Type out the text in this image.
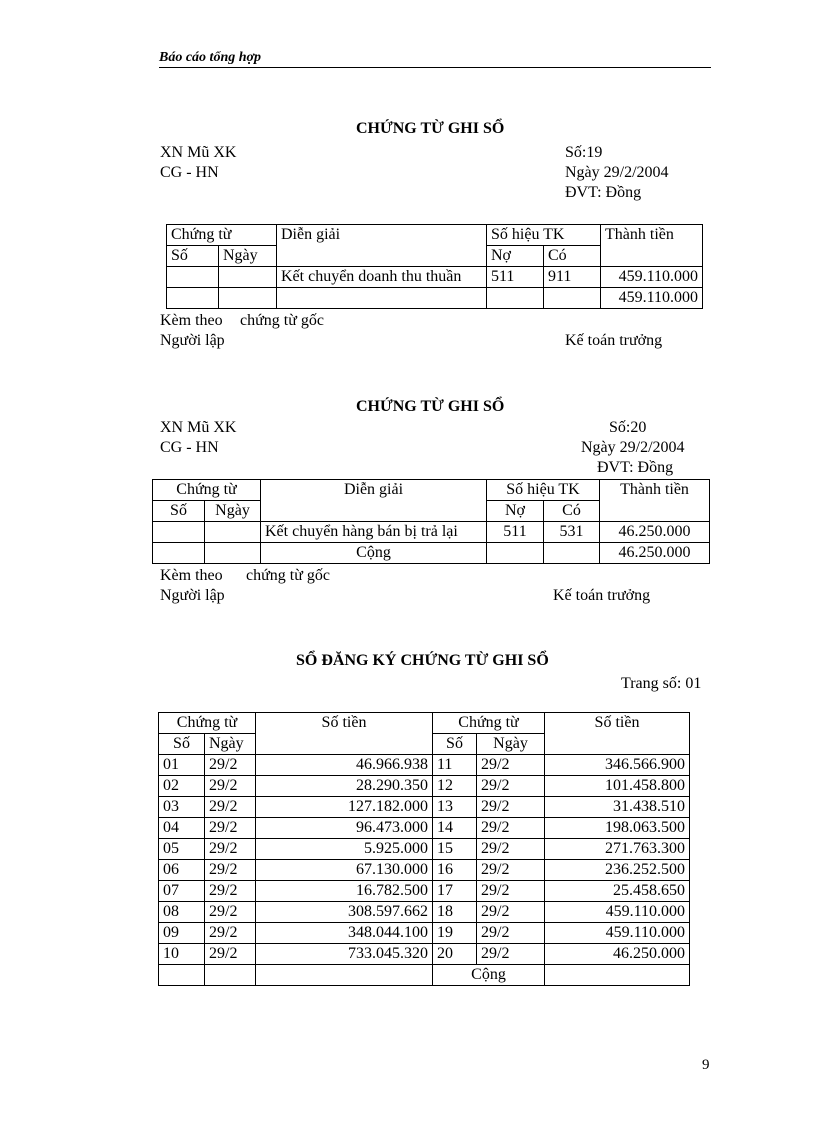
Báo cáo tổng hợp
CHỨNG TỪ GHI SỔ
XN Mũ XK
CG - HN
Số:19
Ngày 29/2/2004
ĐVT: Đồng
Chứng từ		Diễn giải	Số hiệu TK		Thành tiền
Số	Ngày		Nợ	Có	
		Kết chuyển doanh thu thuần	511	911	459.110.000
					459.110.000
Kèm theo chứng từ gốc
Người lập	Kế toán trưởng
CHỨNG TỪ GHI SỔ
XN Mũ XK
CG - HN
Số:20
Ngày 29/2/2004
ĐVT: Đồng
Chứng từ		Diễn giải	Số hiệu TK		Thành tiền
Số	Ngày		Nợ	Có	
		Kết chuyển hàng bán bị trả lại	511	531	46.250.000
		Cộng			46.250.000
Kèm theo chứng từ gốc
Người lập	Kế toán trưởng
SỔ ĐĂNG KÝ CHỨNG TỪ GHI SỔ
Trang số: 01
Chứng từ		Số tiền	Chứng từ		Số tiền
Số	Ngày		Số	Ngày	
01	29/2	46.966.938	11	29/2	346.566.900
02	29/2	28.290.350	12	29/2	101.458.800
03	29/2	127.182.000	13	29/2	31.438.510
04	29/2	96.473.000	14	29/2	198.063.500
05	29/2	5.925.000	15	29/2	271.763.300
06	29/2	67.130.000	16	29/2	236.252.500
07	29/2	16.782.500	17	29/2	25.458.650
08	29/2	308.597.662	18	29/2	459.110.000
09	29/2	348.044.100	19	29/2	459.110.000
10	29/2	733.045.320	20	29/2	46.250.000
			Cộng		
9
